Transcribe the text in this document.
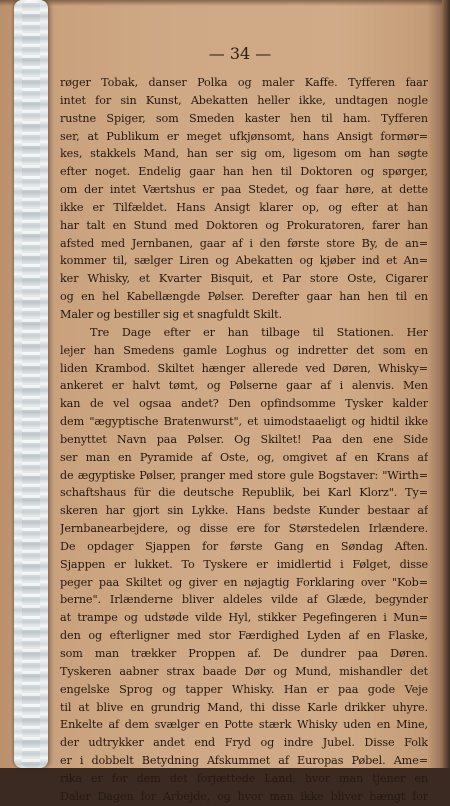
— 34 —
røger Tobak, danser Polka og maler Kaffe. Tyfferen faar
intet for sin Kunst, Abekatten heller ikke, undtagen nogle
rustne Spiger, som Smeden kaster hen til ham. Tyfferen
ser, at Publikum er meget ufkjønsomt, hans Ansigt formør=
kes, stakkels Mand, han ser sig om, ligesom om han søgte
efter noget. Endelig gaar han hen til Doktoren og spørger,
om der intet Værtshus er paa Stedet, og faar høre, at dette
ikke er Tilfældet. Hans Ansigt klarer op, og efter at han
har talt en Stund med Doktoren og Prokuratoren, farer han
afsted med Jernbanen, gaar af i den første store By, de an=
kommer til, sælger Liren og Abekatten og kjøber ind et An=
ker Whisky, et Kvarter Bisquit, et Par store Oste, Cigarer
og en hel Kabellængde Pølser. Derefter gaar han hen til en
Maler og bestiller sig et snagfuldt Skilt.
Tre Dage efter er han tilbage til Stationen. Her
lejer han Smedens gamle Loghus og indretter det som en
liden Krambod. Skiltet hænger allerede ved Døren, Whisky=
ankeret er halvt tømt, og Pølserne gaar af i alenvis. Men
kan de vel ogsaa andet? Den opfindsomme Tysker kalder
dem "ægyptische Bratenwurst", et uimodstaaeligt og hidtil ikke
benyttet Navn paa Pølser. Og Skiltet! Paa den ene Side
ser man en Pyramide af Oste, og, omgivet af en Krans af
de ægyptiske Pølser, pranger med store gule Bogstaver: "Wirth=
schaftshaus für die deutsche Republik, bei Karl Klorz". Ty=
skeren har gjort sin Lykke. Hans bedste Kunder bestaar af
Jernbanearbejdere, og disse ere for Størstedelen Irlændere.
De opdager Sjappen for første Gang en Søndag Aften.
Sjappen er lukket. To Tyskere er imidlertid i Følget, disse
peger paa Skiltet og giver en nøjagtig Forklaring over "Kob=
berne". Irlænderne bliver aldeles vilde af Glæde, begynder
at trampe og udstøde vilde Hyl, stikker Pegefingeren i Mun=
den og efterligner med stor Færdighed Lyden af en Flaske,
som man trækker Proppen af. De dundrer paa Døren.
Tyskeren aabner strax baade Dør og Mund, mishandler det
engelske Sprog og tapper Whisky. Han er paa gode Veje
til at blive en grundrig Mand, thi disse Karle drikker uhyre.
Enkelte af dem svælger en Potte stærk Whisky uden en Mine,
der udtrykker andet end Fryd og indre Jubel. Disse Folk
er i dobbelt Betydning Afskummet af Europas Pøbel. Ame=
rika er for dem det forjættede Land, hvor man tjener en
Daler Dagen for Arbejde, og hvor man ikke bliver hængt for
